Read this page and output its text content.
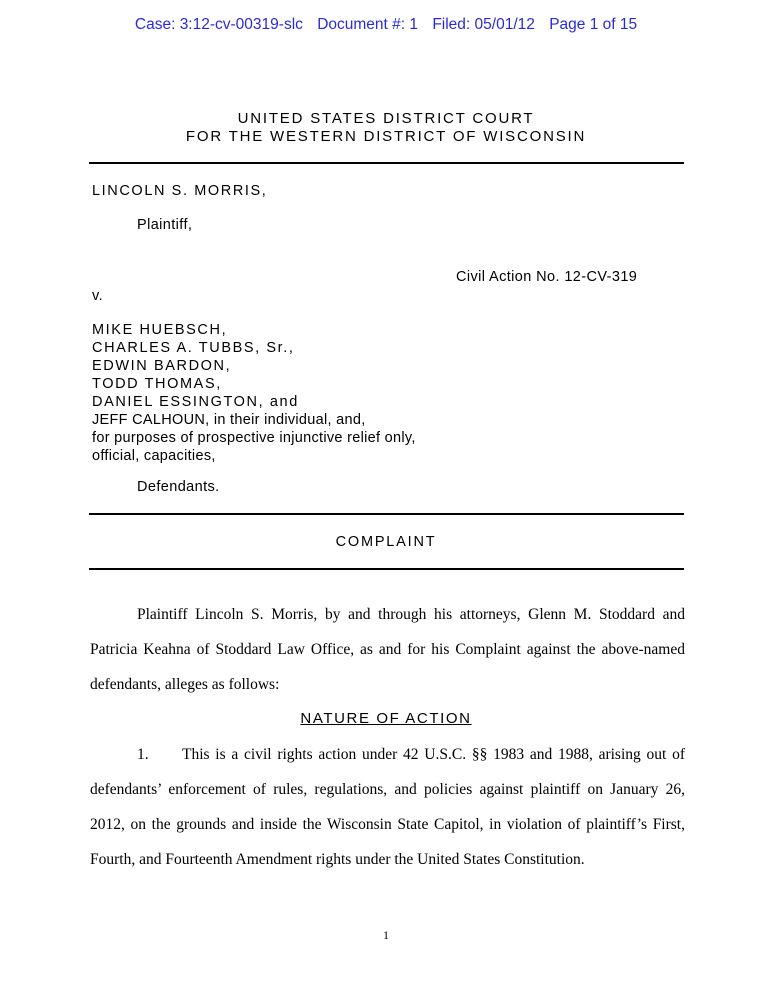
Case: 3:12-cv-00319-slc Document #: 1 Filed: 05/01/12 Page 1 of 15
UNITED STATES DISTRICT COURT
FOR THE WESTERN DISTRICT OF WISCONSIN
LINCOLN S. MORRIS,
Plaintiff,
Civil Action No. 12-CV-319
v.
MIKE HUEBSCH,
CHARLES A. TUBBS, Sr.,
EDWIN BARDON,
TODD THOMAS,
DANIEL ESSINGTON, and
JEFF CALHOUN, in their individual, and,
for purposes of prospective injunctive relief only,
official, capacities,
Defendants.
COMPLAINT

Plaintiff Lincoln S. Morris, by and through his attorneys, Glenn M. Stoddard and Patricia Keahna of Stoddard Law Office, as and for his Complaint against the above-named defendants, alleges as follows:

NATURE OF ACTION

1. This is a civil rights action under 42 U.S.C. §§ 1983 and 1988, arising out of defendants’ enforcement of rules, regulations, and policies against plaintiff on January 26, 2012, on the grounds and inside the Wisconsin State Capitol, in violation of plaintiff’s First, Fourth, and Fourteenth Amendment rights under the United States Constitution.

1
